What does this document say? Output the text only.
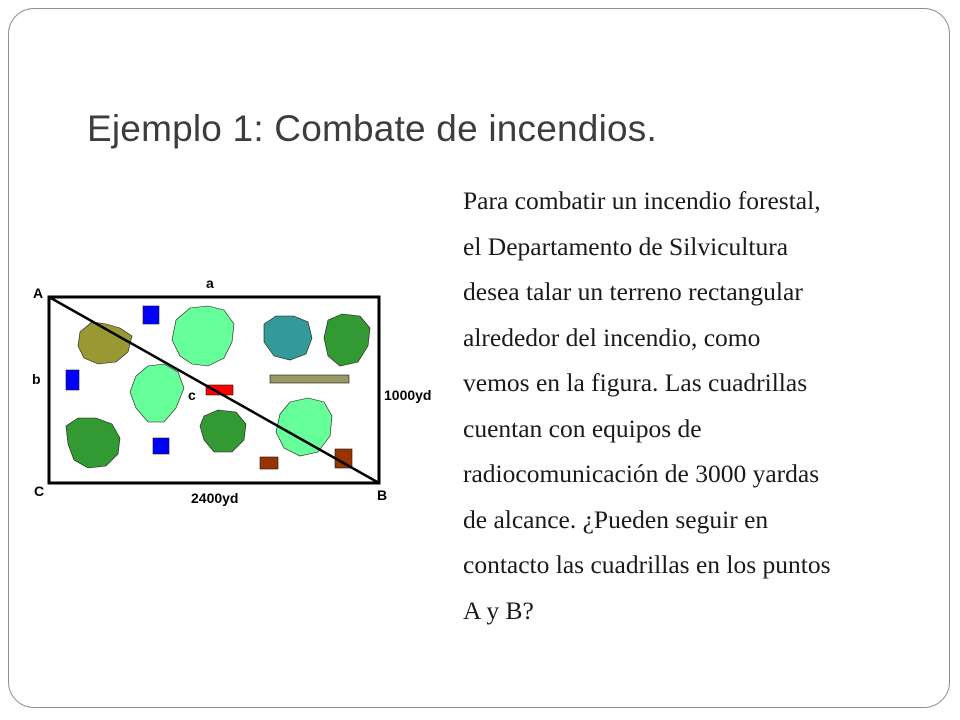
Ejemplo 1: Combate de incendios.
Para combatir un incendio forestal,
el Departamento de Silvicultura
desea talar un terreno rectangular
alrededor del incendio, como
vemos en la figura. Las cuadrillas
cuentan con equipos de
radiocomunicación de 3000 yardas
de alcance. ¿Pueden seguir en
contacto las cuadrillas en los puntos
A y B?
A
a
b
c	1000yd
C	2400yd	B
